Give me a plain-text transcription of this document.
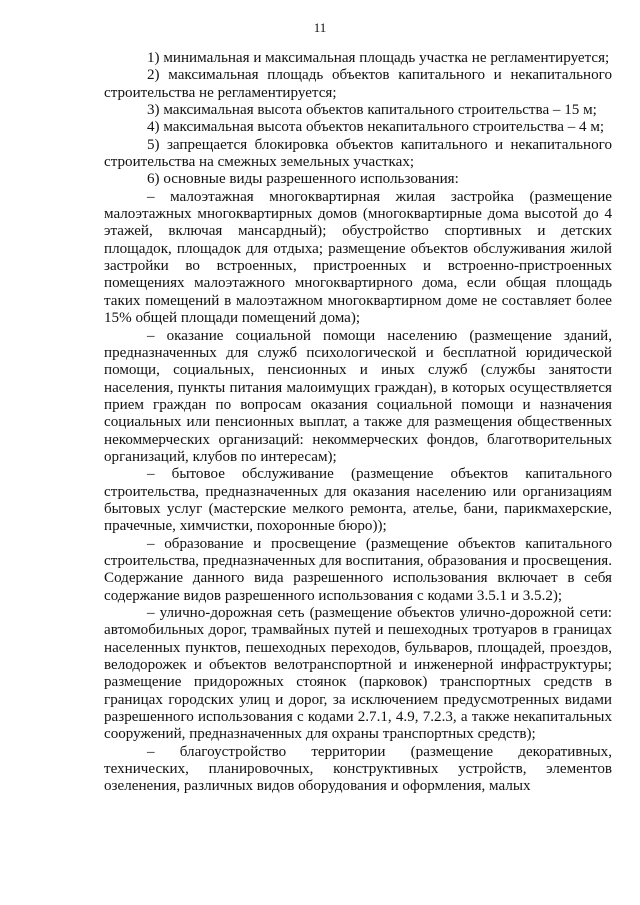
11

1) минимальная и максимальная площадь участка не регламентируется;

2) максимальная площадь объектов капитального и некапитального строительства не регламентируется;

3) максимальная высота объектов капитального строительства – 15 м;

4) максимальная высота объектов некапитального строительства – 4 м;

5) запрещается блокировка объектов капитального и некапитального строительства на смежных земельных участках;

6) основные виды разрешенного использования:

– малоэтажная многоквартирная жилая застройка (размещение малоэтажных многоквартирных домов (многоквартирные дома высотой до 4 этажей, включая мансардный); обустройство спортивных и детских площадок, площадок для отдыха; размещение объектов обслуживания жилой застройки во встроенных, пристроенных и встроенно-пристроенных помещениях малоэтажного многоквартирного дома, если общая площадь таких помещений в малоэтажном многоквартирном доме не составляет более 15% общей площади помещений дома);

– оказание социальной помощи населению (размещение зданий, предназначенных для служб психологической и бесплатной юридической помощи, социальных, пенсионных и иных служб (службы занятости населения, пункты питания малоимущих граждан), в которых осуществляется прием граждан по вопросам оказания социальной помощи и назначения социальных или пенсионных выплат, а также для размещения общественных некоммерческих организаций: некоммерческих фондов, благотворительных организаций, клубов по интересам);

– бытовое обслуживание (размещение объектов капитального строительства, предназначенных для оказания населению или организациям бытовых услуг (мастерские мелкого ремонта, ателье, бани, парикмахерские, прачечные, химчистки, похоронные бюро));

– образование и просвещение (размещение объектов капитального строительства, предназначенных для воспитания, образования и просвещения. Содержание данного вида разрешенного использования включает в себя содержание видов разрешенного использования с кодами 3.5.1 и 3.5.2);

– улично-дорожная сеть (размещение объектов улично-дорожной сети: автомобильных дорог, трамвайных путей и пешеходных тротуаров в границах населенных пунктов, пешеходных переходов, бульваров, площадей, проездов, велодорожек и объектов велотранспортной и инженерной инфраструктуры; размещение придорожных стоянок (парковок) транспортных средств в границах городских улиц и дорог, за исключением предусмотренных видами разрешенного использования с кодами 2.7.1, 4.9, 7.2.3, а также некапитальных сооружений, предназначенных для охраны транспортных средств);

– благоустройство территории (размещение декоративных, технических, планировочных, конструктивных устройств, элементов озеленения, различных видов оборудования и оформления, малых
